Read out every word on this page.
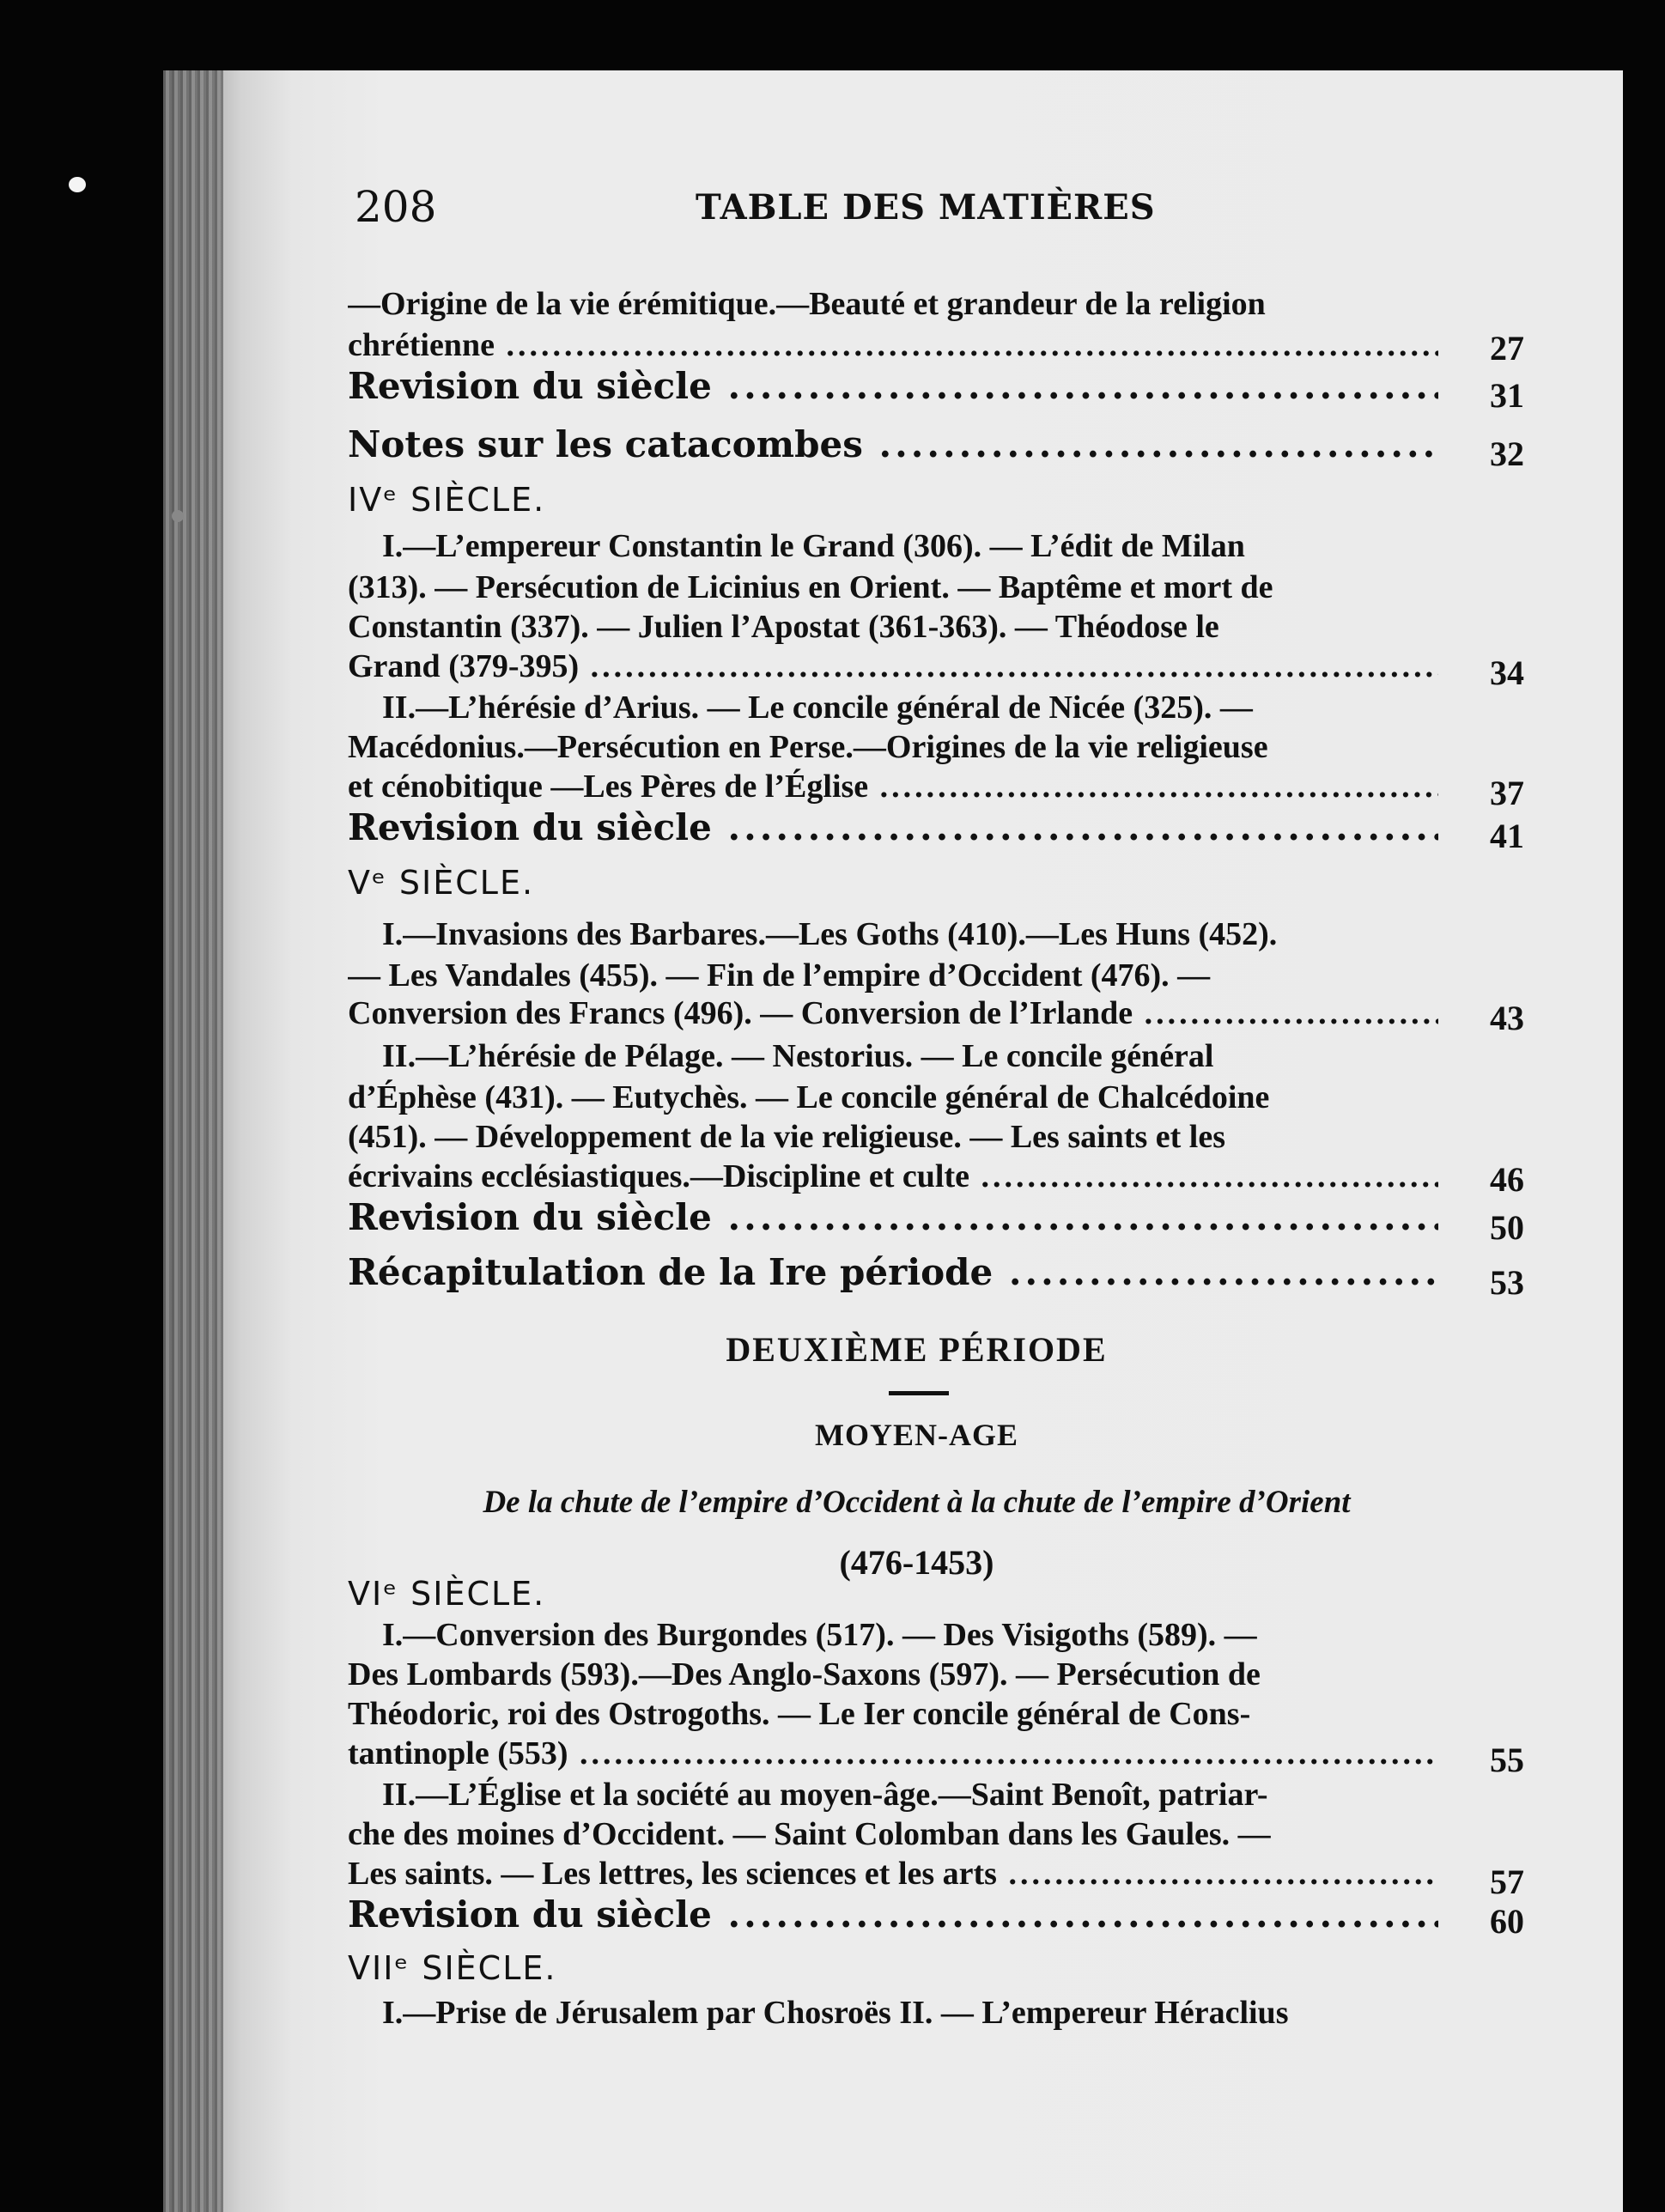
208	TABLE DES MATIÈRES
—Origine de la vie érémitique.—Beauté et grandeur de la religion
chrétienne .....	27
Revision du siècle .....	31
Notes sur les catacombes .....	32
IVᵉ SIÈCLE.
I.—L’empereur Constantin le Grand (306). — L’édit de Milan
(313). — Persécution de Licinius en Orient. — Baptême et mort de
Constantin (337). — Julien l’Apostat (361-363). — Théodose le
Grand (379-395) .....	34
II.—L’hérésie d’Arius. — Le concile général de Nicée (325). —
Macédonius.—Persécution en Perse.—Origines de la vie religieuse
et cénobitique —Les Pères de l’Église .....	37
Revision du siècle .....	41
Vᵉ SIÈCLE.
I.—Invasions des Barbares.—Les Goths (410).—Les Huns (452).
— Les Vandales (455). — Fin de l’empire d’Occident (476). —
Conversion des Francs (496). — Conversion de l’Irlande .....	43
II.—L’hérésie de Pélage. — Nestorius. — Le concile général
d’Éphèse (431). — Eutychès. — Le concile général de Chalcédoine
(451). — Développement de la vie religieuse. — Les saints et les
écrivains ecclésiastiques.—Discipline et culte .....	46
Revision du siècle .....	50
Récapitulation de la Ire période .....	53
DEUXIÈME PÉRIODE
MOYEN-AGE
De la chute de l’empire d’Occident à la chute de l’empire d’Orient
(476-1453)
VIᵉ SIÈCLE.
I.—Conversion des Burgondes (517). — Des Visigoths (589). —
Des Lombards (593).—Des Anglo-Saxons (597). — Persécution de
Théodoric, roi des Ostrogoths. — Le Ier concile général de Cons-
tantinople (553) .....	55
II.—L’Église et la société au moyen-âge.—Saint Benoît, patriar-
che des moines d’Occident. — Saint Colomban dans les Gaules. —
Les saints. — Les lettres, les sciences et les arts .....	57
Revision du siècle .....	60
VIIᵉ SIÈCLE.
I.—Prise de Jérusalem par Chosroës II. — L’empereur Héraclius
